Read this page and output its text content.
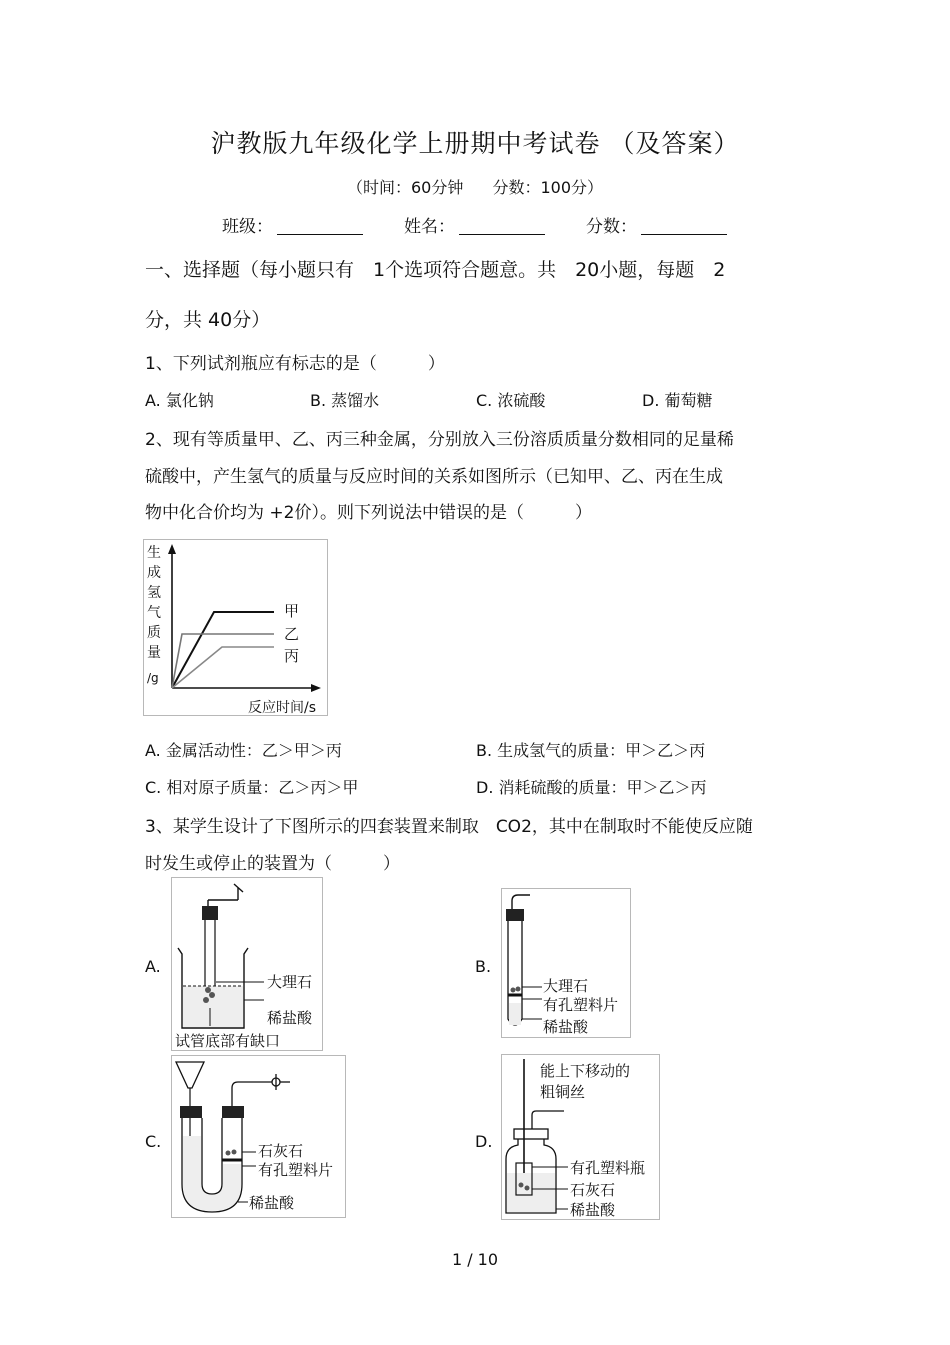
沪教版九年级化学上册期中考试卷 （及答案）
（时间：60分钟 分数：100分）
班级：	姓名：	分数：
一、选择题（每小题只有　1个选项符合题意。共　20小题，每题　2
分，共 40分）
1、下列试剂瓶应有标志的是（　　　）
A. 氯化钠	B. 蒸馏水	C. 浓硫酸	D. 葡萄糖
2、现有等质量甲、乙、丙三种金属，分别放入三份溶质质量分数相同的足量稀
硫酸中，产生氢气的质量与反应时间的关系如图所示（已知甲、乙、丙在生成
物中化合价均为 +2价）。则下列说法中错误的是（　　　）
生
成
氢
气
质
量
/g
反应时间/s
甲
乙
丙
A. 金属活动性：乙＞甲＞丙	B. 生成氢气的质量：甲＞乙＞丙
C. 相对原子质量：乙＞丙＞甲	D. 消耗硫酸的质量：甲＞乙＞丙
3、某学生设计了下图所示的四套装置来制取　CO2，其中在制取时不能使反应随
时发生或停止的装置为（　　　）
A.	B.
C.	D.
大理石
稀盐酸
试管底部有缺口
大理石
有孔塑料片
稀盐酸
石灰石
有孔塑料片
稀盐酸
能上下移动的
粗铜丝
有孔塑料瓶
石灰石
稀盐酸
1 / 10
